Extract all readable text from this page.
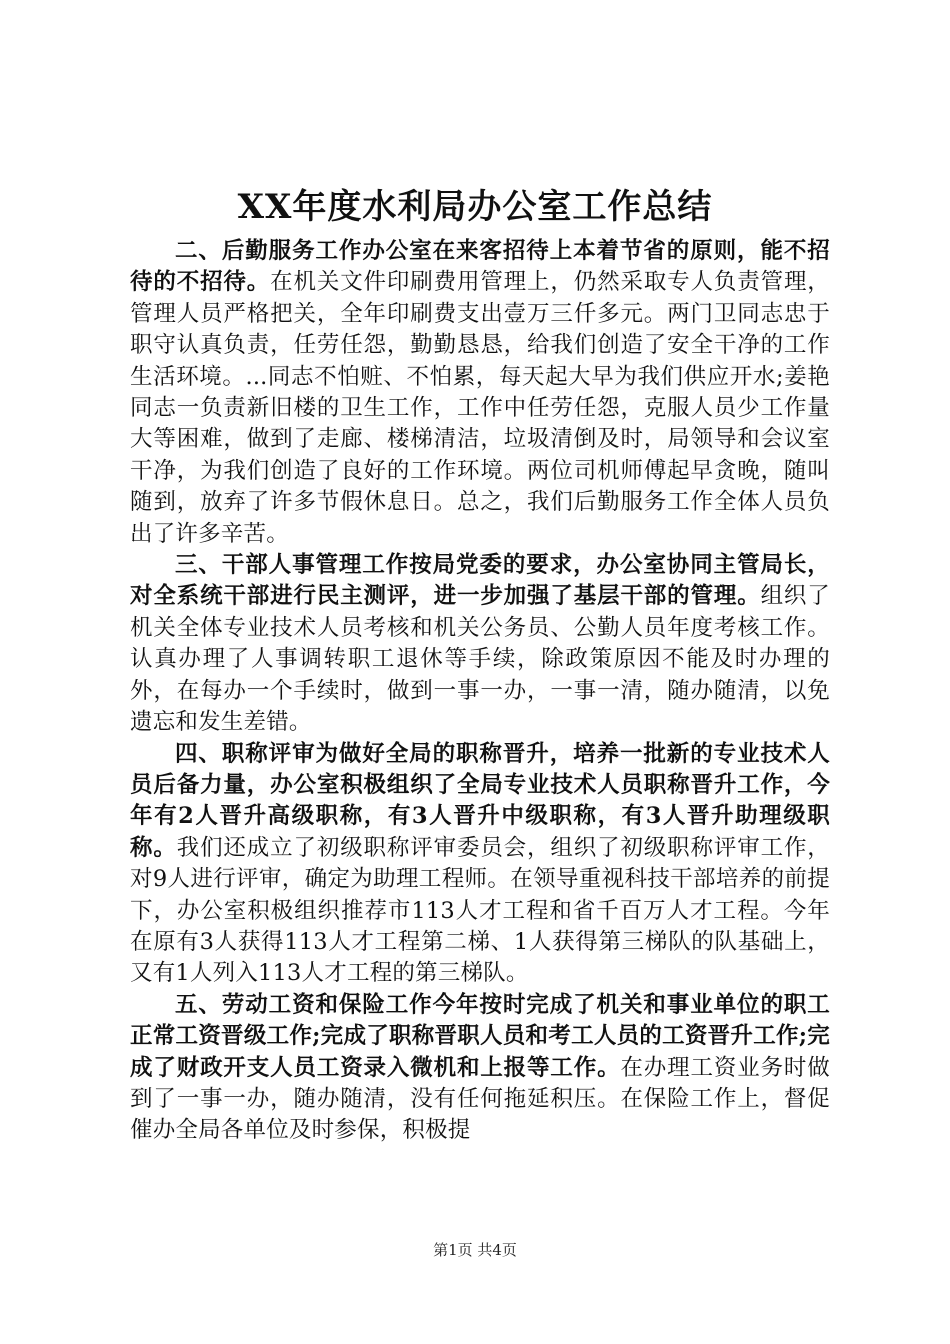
XX年度水利局办公室工作总结

二、后勤服务工作办公室在来客招待上本着节省的原则，能不招待的不招待。在机关文件印刷费用管理上，仍然采取专人负责管理，管理人员严格把关，全年印刷费支出壹万三仟多元。两门卫同志忠于职守认真负责，任劳任怨，勤勤恳恳，给我们创造了安全干净的工作生活环境。...同志不怕赃、不怕累，每天起大早为我们供应开水;姜艳同志一负责新旧楼的卫生工作，工作中任劳任怨，克服人员少工作量大等困难，做到了走廊、楼梯清洁，垃圾清倒及时，局领导和会议室干净，为我们创造了良好的工作环境。两位司机师傅起早贪晚，随叫随到，放弃了许多节假休息日。总之，我们后勤服务工作全体人员负出了许多辛苦。

三、干部人事管理工作按局党委的要求，办公室协同主管局长，对全系统干部进行民主测评，进一步加强了基层干部的管理。组织了机关全体专业技术人员考核和机关公务员、公勤人员年度考核工作。认真办理了人事调转职工退休等手续，除政策原因不能及时办理的外，在每办一个手续时，做到一事一办，一事一清，随办随清，以免遗忘和发生差错。

四、职称评审为做好全局的职称晋升，培养一批新的专业技术人员后备力量，办公室积极组织了全局专业技术人员职称晋升工作，今年有2人晋升高级职称，有3人晋升中级职称，有3人晋升助理级职称。我们还成立了初级职称评审委员会，组织了初级职称评审工作，对9人进行评审，确定为助理工程师。在领导重视科技干部培养的前提下，办公室积极组织推荐市113人才工程和省千百万人才工程。今年在原有3人获得113人才工程第二梯、1人获得第三梯队的队基础上，又有1人列入113人才工程的第三梯队。

五、劳动工资和保险工作今年按时完成了机关和事业单位的职工正常工资晋级工作;完成了职称晋职人员和考工人员的工资晋升工作;完成了财政开支人员工资录入微机和上报等工作。在办理工资业务时做到了一事一办，随办随清，没有任何拖延积压。在保险工作上，督促催办全局各单位及时参保，积极提

第1页 共4页
